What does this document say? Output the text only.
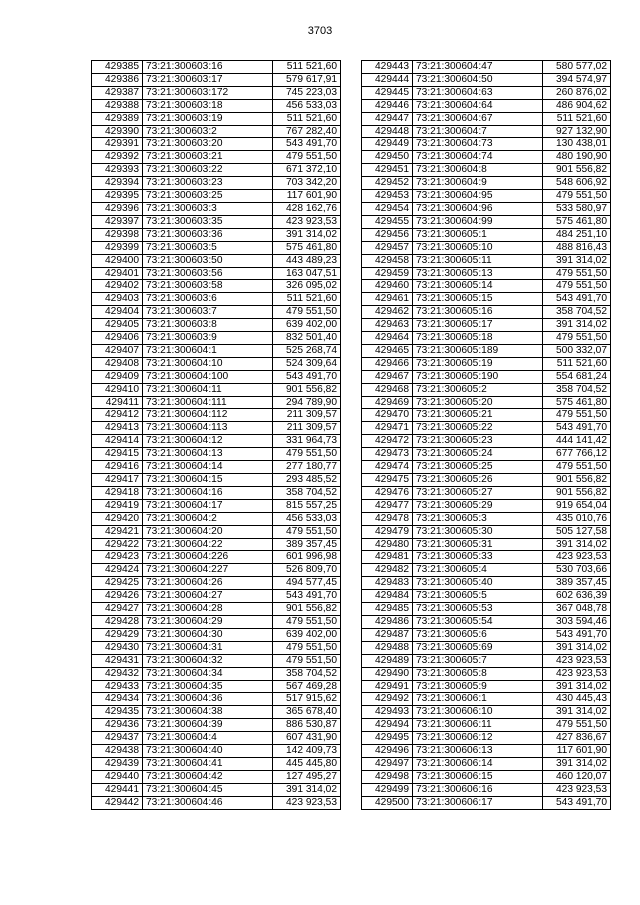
3703
429385	73:21:300603:16	511 521,60
429386	73:21:300603:17	579 617,91
429387	73:21:300603:172	745 223,03
429388	73:21:300603:18	456 533,03
429389	73:21:300603:19	511 521,60
429390	73:21:300603:2	767 282,40
429391	73:21:300603:20	543 491,70
429392	73:21:300603:21	479 551,50
429393	73:21:300603:22	671 372,10
429394	73:21:300603:23	703 342,20
429395	73:21:300603:25	117 601,90
429396	73:21:300603:3	428 162,76
429397	73:21:300603:35	423 923,53
429398	73:21:300603:36	391 314,02
429399	73:21:300603:5	575 461,80
429400	73:21:300603:50	443 489,23
429401	73:21:300603:56	163 047,51
429402	73:21:300603:58	326 095,02
429403	73:21:300603:6	511 521,60
429404	73:21:300603:7	479 551,50
429405	73:21:300603:8	639 402,00
429406	73:21:300603:9	832 501,40
429407	73:21:300604:1	525 268,74
429408	73:21:300604:10	524 309,64
429409	73:21:300604:100	543 491,70
429410	73:21:300604:11	901 556,82
429411	73:21:300604:111	294 789,90
429412	73:21:300604:112	211 309,57
429413	73:21:300604:113	211 309,57
429414	73:21:300604:12	331 964,73
429415	73:21:300604:13	479 551,50
429416	73:21:300604:14	277 180,77
429417	73:21:300604:15	293 485,52
429418	73:21:300604:16	358 704,52
429419	73:21:300604:17	815 557,25
429420	73:21:300604:2	456 533,03
429421	73:21:300604:20	479 551,50
429422	73:21:300604:22	389 357,45
429423	73:21:300604:226	601 996,98
429424	73:21:300604:227	526 809,70
429425	73:21:300604:26	494 577,45
429426	73:21:300604:27	543 491,70
429427	73:21:300604:28	901 556,82
429428	73:21:300604:29	479 551,50
429429	73:21:300604:30	639 402,00
429430	73:21:300604:31	479 551,50
429431	73:21:300604:32	479 551,50
429432	73:21:300604:34	358 704,52
429433	73:21:300604:35	567 469,28
429434	73:21:300604:36	517 915,62
429435	73:21:300604:38	365 678,40
429436	73:21:300604:39	886 530,87
429437	73:21:300604:4	607 431,90
429438	73:21:300604:40	142 409,73
429439	73:21:300604:41	445 445,80
429440	73:21:300604:42	127 495,27
429441	73:21:300604:45	391 314,02
429442	73:21:300604:46	423 923,53
429443	73:21:300604:47	580 577,02
429444	73:21:300604:50	394 574,97
429445	73:21:300604:63	260 876,02
429446	73:21:300604:64	486 904,62
429447	73:21:300604:67	511 521,60
429448	73:21:300604:7	927 132,90
429449	73:21:300604:73	130 438,01
429450	73:21:300604:74	480 190,90
429451	73:21:300604:8	901 556,82
429452	73:21:300604:9	548 606,92
429453	73:21:300604:95	479 551,50
429454	73:21:300604:96	533 580,97
429455	73:21:300604:99	575 461,80
429456	73:21:300605:1	484 251,10
429457	73:21:300605:10	488 816,43
429458	73:21:300605:11	391 314,02
429459	73:21:300605:13	479 551,50
429460	73:21:300605:14	479 551,50
429461	73:21:300605:15	543 491,70
429462	73:21:300605:16	358 704,52
429463	73:21:300605:17	391 314,02
429464	73:21:300605:18	479 551,50
429465	73:21:300605:189	500 332,07
429466	73:21:300605:19	511 521,60
429467	73:21:300605:190	554 681,24
429468	73:21:300605:2	358 704,52
429469	73:21:300605:20	575 461,80
429470	73:21:300605:21	479 551,50
429471	73:21:300605:22	543 491,70
429472	73:21:300605:23	444 141,42
429473	73:21:300605:24	677 766,12
429474	73:21:300605:25	479 551,50
429475	73:21:300605:26	901 556,82
429476	73:21:300605:27	901 556,82
429477	73:21:300605:29	919 654,04
429478	73:21:300605:3	435 010,76
429479	73:21:300605:30	505 127,58
429480	73:21:300605:31	391 314,02
429481	73:21:300605:33	423 923,53
429482	73:21:300605:4	530 703,66
429483	73:21:300605:40	389 357,45
429484	73:21:300605:5	602 636,39
429485	73:21:300605:53	367 048,78
429486	73:21:300605:54	303 594,46
429487	73:21:300605:6	543 491,70
429488	73:21:300605:69	391 314,02
429489	73:21:300605:7	423 923,53
429490	73:21:300605:8	423 923,53
429491	73:21:300605:9	391 314,02
429492	73:21:300606:1	430 445,43
429493	73:21:300606:10	391 314,02
429494	73:21:300606:11	479 551,50
429495	73:21:300606:12	427 836,67
429496	73:21:300606:13	117 601,90
429497	73:21:300606:14	391 314,02
429498	73:21:300606:15	460 120,07
429499	73:21:300606:16	423 923,53
429500	73:21:300606:17	543 491,70
